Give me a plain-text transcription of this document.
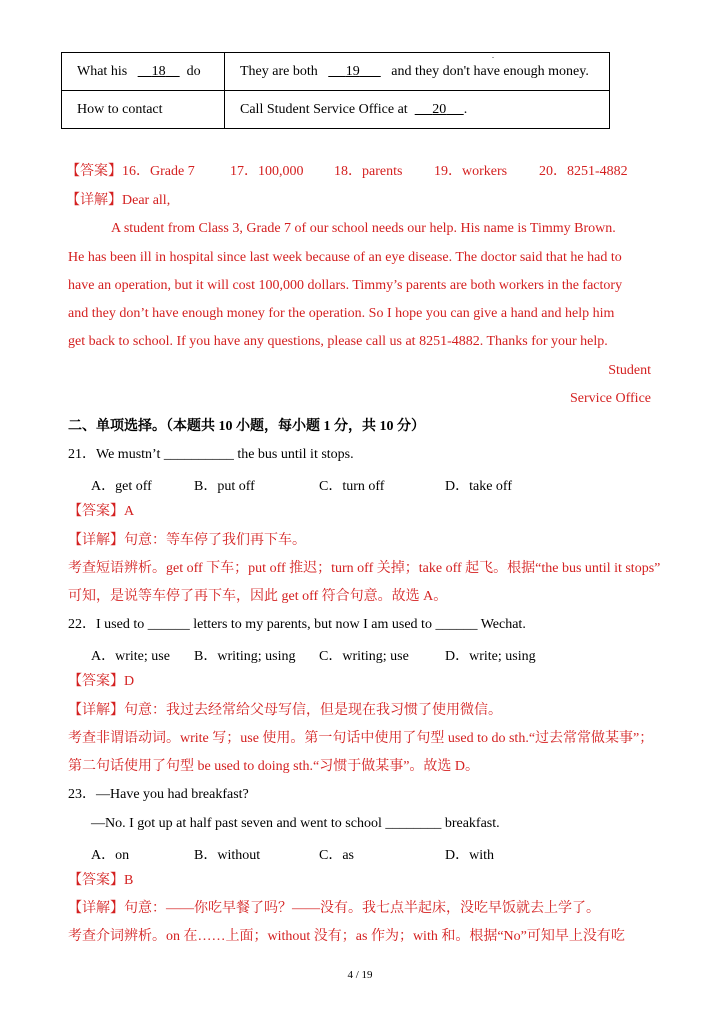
.
What his       18      do	They are both        19         and they don't have enough money.
How to contact	Call Student Service Office at       20 .
【答案】16．Grade 7	17．100,000 18．parents 19．workers 20．8251-4882
【详解】Dear all,
A student from Class 3, Grade 7 of our school needs our help. His name is Timmy Brown.
He has been ill in hospital since last week because of an eye disease. The doctor said that he had to
have an operation, but it will cost 100,000 dollars. Timmy’s parents are both workers in the factory
and they don’t have enough money for the operation. So I hope you can give a hand and help him
get back to school. If you have any questions, please call us at 8251-4882. Thanks for your help.
Student
Service Office
二、单项选择。（本题共 10 小题，每小题 1 分，共 10 分）
21．We mustn’t __________ the bus until it stops.
A．get off	B．put off	C．turn off	D．take off
【答案】A
【详解】句意：等车停了我们再下车。
考查短语辨析。get off 下车；put off 推迟；turn off 关掉；take off 起飞。根据“the bus until it stops”
可知，是说等车停了再下车，因此 get off 符合句意。故选 A。
22．I used to ______ letters to my parents, but now I am used to ______ Wechat.
A．write; use B．writing; using C．writing; use	D．write; using
【答案】D
【详解】句意：我过去经常给父母写信，但是现在我习惯了使用微信。
考查非谓语动词。write 写；use 使用。第一句话中使用了句型 used to do sth.“过去常常做某事”；
第二句话使用了句型 be used to doing sth.“习惯于做某事”。故选 D。
23．—Have you had breakfast?
—No. I got up at half past seven and went to school ________ breakfast.
A．on	B．without	C．as	D．with
【答案】B
【详解】句意：——你吃早餐了吗？——没有。我七点半起床，没吃早饭就去上学了。
考查介词辨析。on 在……上面；without 没有；as 作为；with 和。根据“No”可知早上没有吃
4 / 19
